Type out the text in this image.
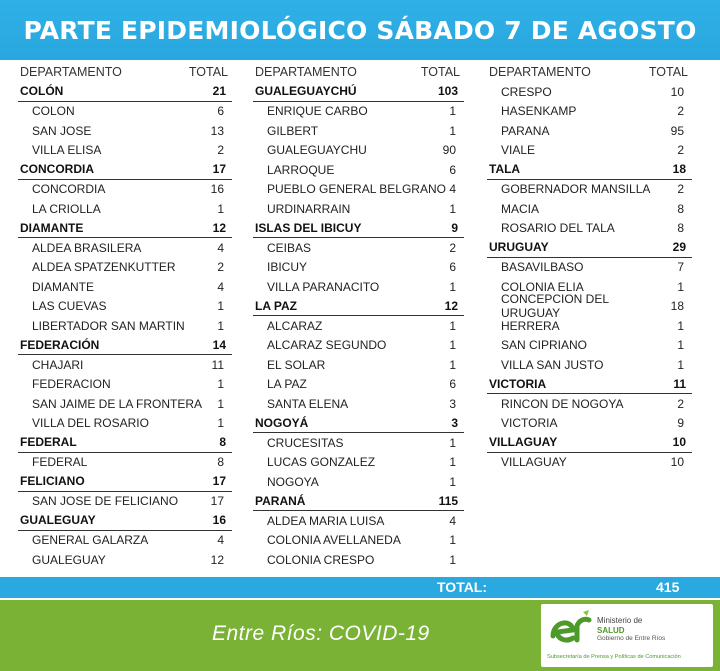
PARTE EPIDEMIOLÓGICO SÁBADO 7 DE AGOSTO
DEPARTAMENTO	TOTAL
COLÓN	21
COLON	6
SAN JOSE	13
VILLA ELISA	2
CONCORDIA	17
CONCORDIA	16
LA CRIOLLA	1
DIAMANTE	12
ALDEA BRASILERA	4
ALDEA SPATZENKUTTER	2
DIAMANTE	4
LAS CUEVAS	1
LIBERTADOR SAN MARTIN	1
FEDERACIÓN	14
CHAJARI	11
FEDERACION	1
SAN JAIME DE LA FRONTERA 1
VILLA DEL ROSARIO	1
FEDERAL	8
FEDERAL	8
FELICIANO	17
SAN JOSE DE FELICIANO	17
GUALEGUAY	16
GENERAL GALARZA	4
GUALEGUAY	12
DEPARTAMENTO	TOTAL
GUALEGUAYCHÚ	103
ENRIQUE CARBO	1
GILBERT	1
GUALEGUAYCHU	90
LARROQUE	6
PUEBLO GENERAL BELGRANO 4
URDINARRAIN	1
ISLAS DEL IBICUY	9
CEIBAS	2
IBICUY	6
VILLA PARANACITO	1
LA PAZ	12
ALCARAZ	1
ALCARAZ SEGUNDO	1
EL SOLAR	1
LA PAZ	6
SANTA ELENA	3
NOGOYÁ	3
CRUCESITAS	1
LUCAS GONZALEZ	1
NOGOYA	1
PARANÁ	115
ALDEA MARIA LUISA	4
COLONIA AVELLANEDA	1
COLONIA CRESPO	1
DEPARTAMENTO	TOTAL
CRESPO	10
HASENKAMP	2
PARANA	95
VIALE	2
TALA	18
GOBERNADOR MANSILLA 2
MACIA	8
ROSARIO DEL TALA	8
URUGUAY	29
BASAVILBASO	7
COLONIA ELIA	1
CONCEPCION DEL URUGUAY	18
HERRERA	1
SAN CIPRIANO	1
VILLA SAN JUSTO	1
VICTORIA	11
RINCON DE NOGOYA	2
VICTORIA	9
VILLAGUAY	10
VILLAGUAY	10
TOTAL:	415
Entre Ríos: COVID-19
Ministerio de
SALUD
Gobierno de Entre Ríos
Subsecretaría de Prensa y Políticas de Comunicación
